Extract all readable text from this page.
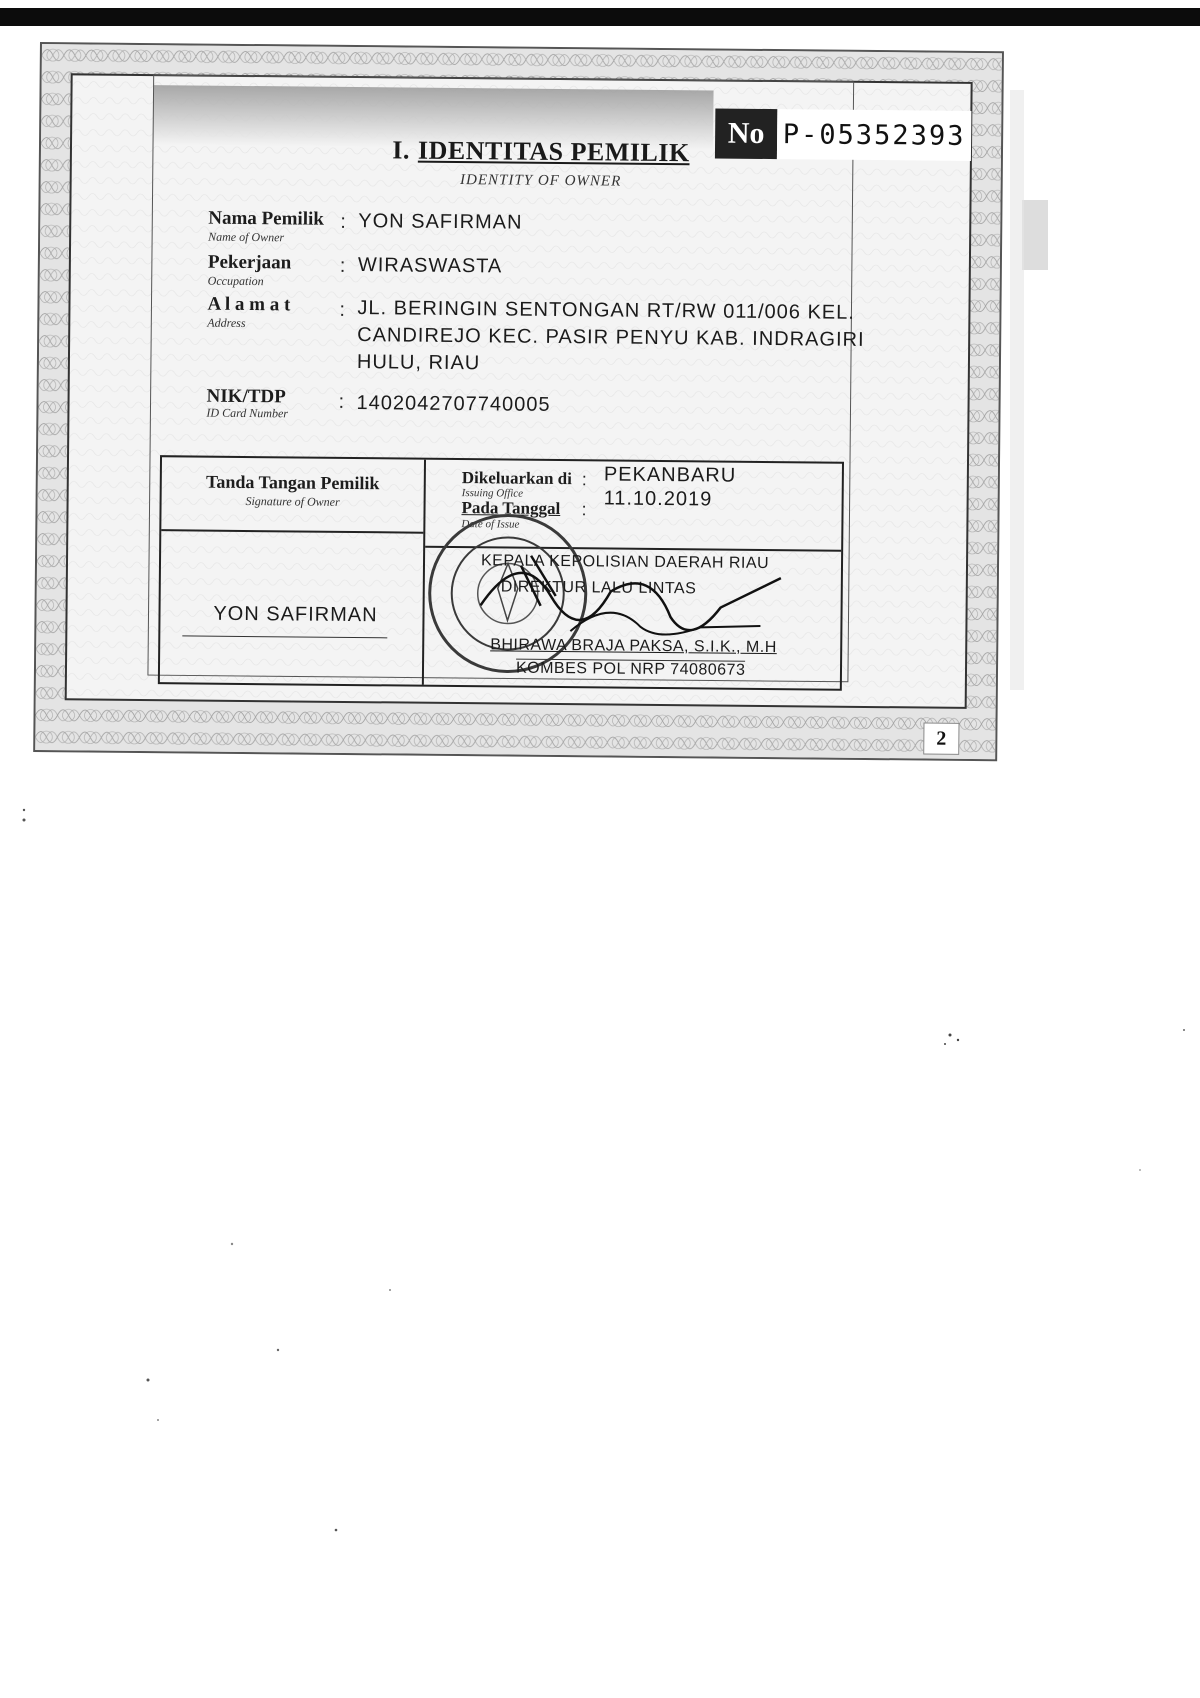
No P-05352393
I. IDENTITAS PEMILIK
IDENTITY OF OWNER
Nama Pemilik
Name of Owner
: YON SAFIRMAN
Pekerjaan
Occupation
: WIRASWASTA
A l a m a t
Address
: JL. BERINGIN SENTONGAN RT/RW 011/006 KEL.
CANDIREJO KEC. PASIR PENYU KAB. INDRAGIRI
HULU, RIAU
NIK/TDP
ID Card Number
: 1402042707740005
Tanda Tangan Pemilik
Signature of Owner
YON SAFIRMAN
Dikeluarkan di
Issuing Office
: PEKANBARU
Pada Tanggal
Date of Issue
: 11.10.2019
KEPALA KEPOLISIAN DAERAH RIAU
DIREKTUR LALU LINTAS
BHIRAWA BRAJA PAKSA, S.I.K., M.H
KOMBES POL NRP 74080673
2
